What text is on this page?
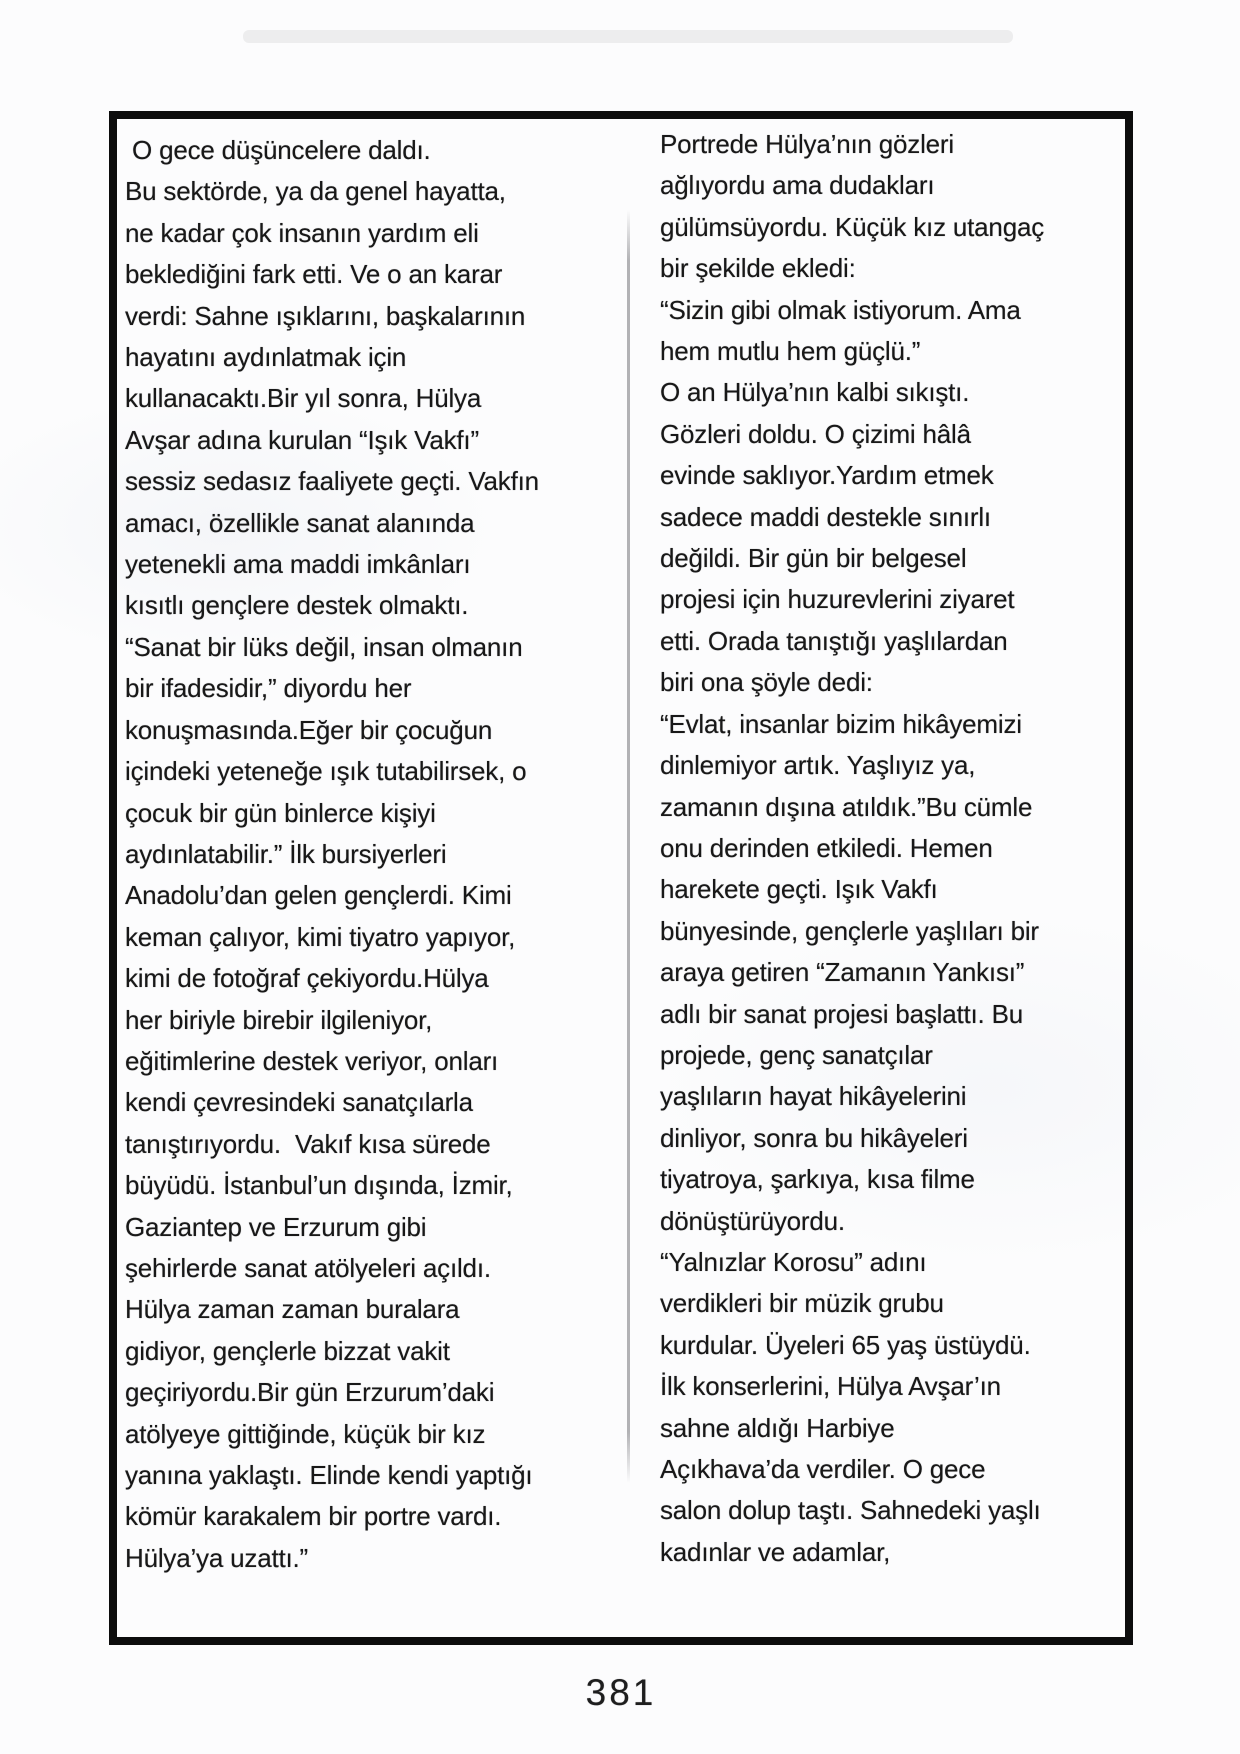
O gece düşüncelere daldı.
Bu sektörde, ya da genel hayatta,
ne kadar çok insanın yardım eli
beklediğini fark etti. Ve o an karar
verdi: Sahne ışıklarını, başkalarının
hayatını aydınlatmak için
kullanacaktı.Bir yıl sonra, Hülya
Avşar adına kurulan “Işık Vakfı”
sessiz sedasız faaliyete geçti. Vakfın
amacı, özellikle sanat alanında
yetenekli ama maddi imkânları
kısıtlı gençlere destek olmaktı.
“Sanat bir lüks değil, insan olmanın
bir ifadesidir,” diyordu her
konuşmasında.Eğer bir çocuğun
içindeki yeteneğe ışık tutabilirsek, o
çocuk bir gün binlerce kişiyi
aydınlatabilir.” İlk bursiyerleri
Anadolu’dan gelen gençlerdi. Kimi
keman çalıyor, kimi tiyatro yapıyor,
kimi de fotoğraf çekiyordu.Hülya
her biriyle birebir ilgileniyor,
eğitimlerine destek veriyor, onları
kendi çevresindeki sanatçılarla
tanıştırıyordu.  Vakıf kısa sürede
büyüdü. İstanbul’un dışında, İzmir,
Gaziantep ve Erzurum gibi
şehirlerde sanat atölyeleri açıldı.
Hülya zaman zaman buralara
gidiyor, gençlerle bizzat vakit
geçiriyordu.Bir gün Erzurum’daki
atölyeye gittiğinde, küçük bir kız
yanına yaklaştı. Elinde kendi yaptığı
kömür karakalem bir portre vardı.
Hülya’ya uzattı.”
Portrede Hülya’nın gözleri
ağlıyordu ama dudakları
gülümsüyordu. Küçük kız utangaç
bir şekilde ekledi:
“Sizin gibi olmak istiyorum. Ama
hem mutlu hem güçlü.”
O an Hülya’nın kalbi sıkıştı.
Gözleri doldu. O çizimi hâlâ
evinde saklıyor.Yardım etmek
sadece maddi destekle sınırlı
değildi. Bir gün bir belgesel
projesi için huzurevlerini ziyaret
etti. Orada tanıştığı yaşlılardan
biri ona şöyle dedi:
“Evlat, insanlar bizim hikâyemizi
dinlemiyor artık. Yaşlıyız ya,
zamanın dışına atıldık.”Bu cümle
onu derinden etkiledi. Hemen
harekete geçti. Işık Vakfı
bünyesinde, gençlerle yaşlıları bir
araya getiren “Zamanın Yankısı”
adlı bir sanat projesi başlattı. Bu
projede, genç sanatçılar
yaşlıların hayat hikâyelerini
dinliyor, sonra bu hikâyeleri
tiyatroya, şarkıya, kısa filme
dönüştürüyordu.
“Yalnızlar Korosu” adını
verdikleri bir müzik grubu
kurdular. Üyeleri 65 yaş üstüydü.
İlk konserlerini, Hülya Avşar’ın
sahne aldığı Harbiye
Açıkhava’da verdiler. O gece
salon dolup taştı. Sahnedeki yaşlı
kadınlar ve adamlar,
381
